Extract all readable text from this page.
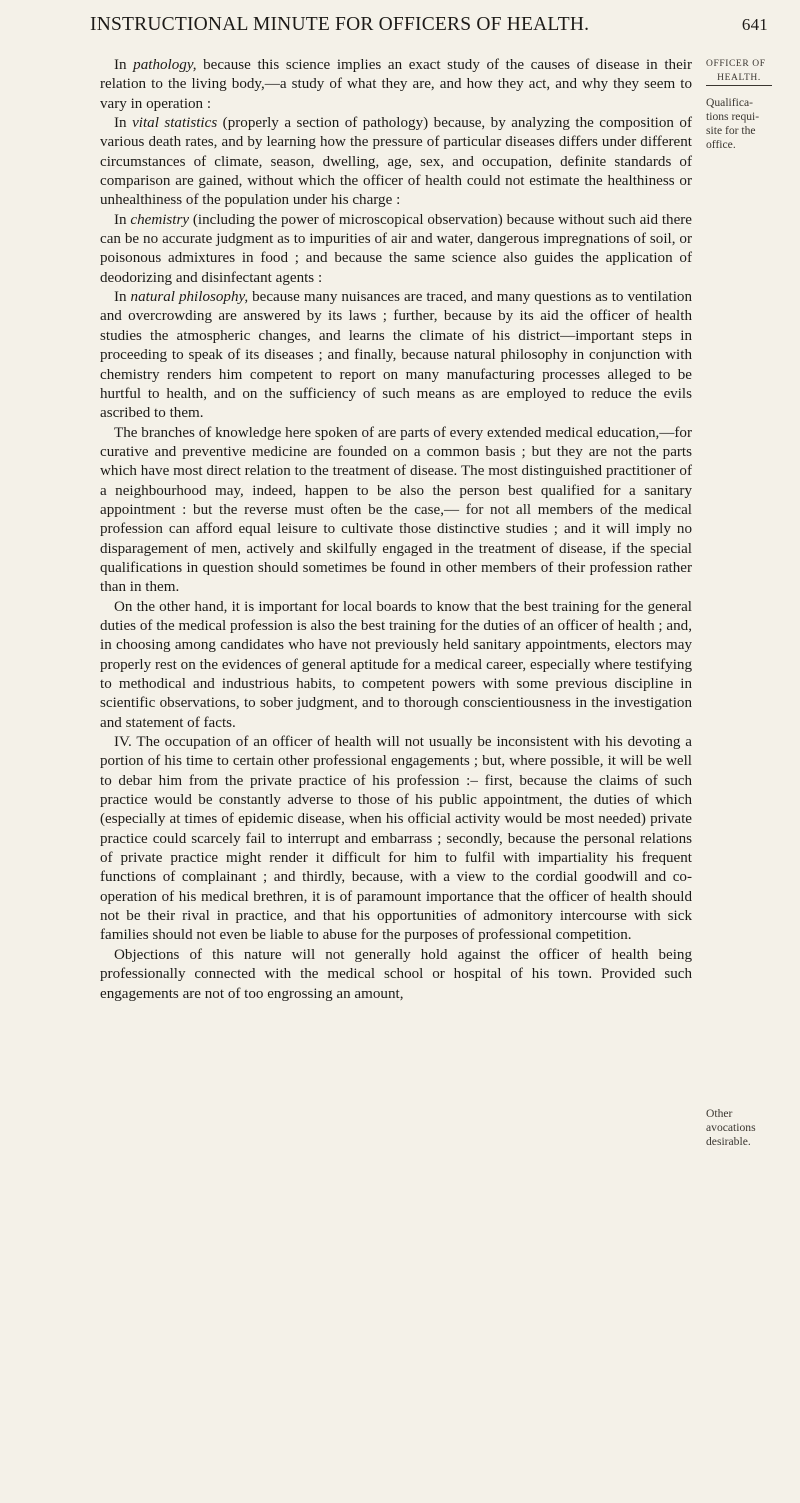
INSTRUCTIONAL MINUTE FOR OFFICERS OF HEALTH.	641
OFFICER OF

HEALTH.
Qualifica-
tions requi-
site for the
office.
Other
avocations
desirable.

In pathology, because this science implies an exact study of the causes of disease in their relation to the living body,—a study of what they are, and how they act, and why they seem to vary in operation :

In vital statistics (properly a section of pathology) because, by analyzing the composition of various death rates, and by learning how the pressure of particular diseases differs under different circumstances of climate, season, dwelling, age, sex, and occupation, definite standards of comparison are gained, without which the officer of health could not estimate the healthiness or unhealthiness of the population under his charge :

In chemistry (including the power of microscopical observation) because without such aid there can be no accurate judgment as to impurities of air and water, dangerous impregnations of soil, or poisonous admixtures in food ; and because the same science also guides the application of deodorizing and disinfectant agents :

In natural philosophy, because many nuisances are traced, and many questions as to ventilation and overcrowding are answered by its laws ; further, because by its aid the officer of health studies the atmospheric changes, and learns the climate of his district—important steps in proceeding to speak of its diseases ; and finally, because natural philosophy in conjunction with chemistry renders him competent to report on many manufacturing processes alleged to be hurtful to health, and on the sufficiency of such means as are employed to reduce the evils ascribed to them.

The branches of knowledge here spoken of are parts of every extended medical education,—for curative and preventive medicine are founded on a common basis ; but they are not the parts which have most direct relation to the treatment of disease. The most distinguished practitioner of a neighbourhood may, indeed, happen to be also the person best qualified for a sanitary appointment : but the reverse must often be the case,— for not all members of the medical profession can afford equal leisure to cultivate those distinctive studies ; and it will imply no disparagement of men, actively and skilfully engaged in the treatment of disease, if the special qualifications in question should sometimes be found in other members of their profession rather than in them.

On the other hand, it is important for local boards to know that the best training for the general duties of the medical profession is also the best training for the duties of an officer of health ; and, in choosing among candidates who have not previously held sanitary appointments, electors may properly rest on the evidences of general aptitude for a medical career, especially where testifying to methodical and industrious habits, to competent powers with some previous discipline in scientific observations, to sober judgment, and to thorough conscientiousness in the investigation and statement of facts.

IV. The occupation of an officer of health will not usually be inconsistent with his devoting a portion of his time to certain other professional engagements ; but, where possible, it will be well to debar him from the private practice of his profession :– first, because the claims of such practice would be constantly adverse to those of his public appointment, the duties of which (especially at times of epidemic disease, when his official activity would be most needed) private practice could scarcely fail to interrupt and embarrass ; secondly, because the personal relations of private practice might render it difficult for him to fulfil with impartiality his frequent functions of complainant ; and thirdly, because, with a view to the cordial goodwill and co-operation of his medical brethren, it is of paramount importance that the officer of health should not be their rival in practice, and that his opportunities of admonitory intercourse with sick families should not even be liable to abuse for the purposes of professional competition.

Objections of this nature will not generally hold against the officer of health being professionally connected with the medical school or hospital of his town. Provided such engagements are not of too engrossing an amount,
